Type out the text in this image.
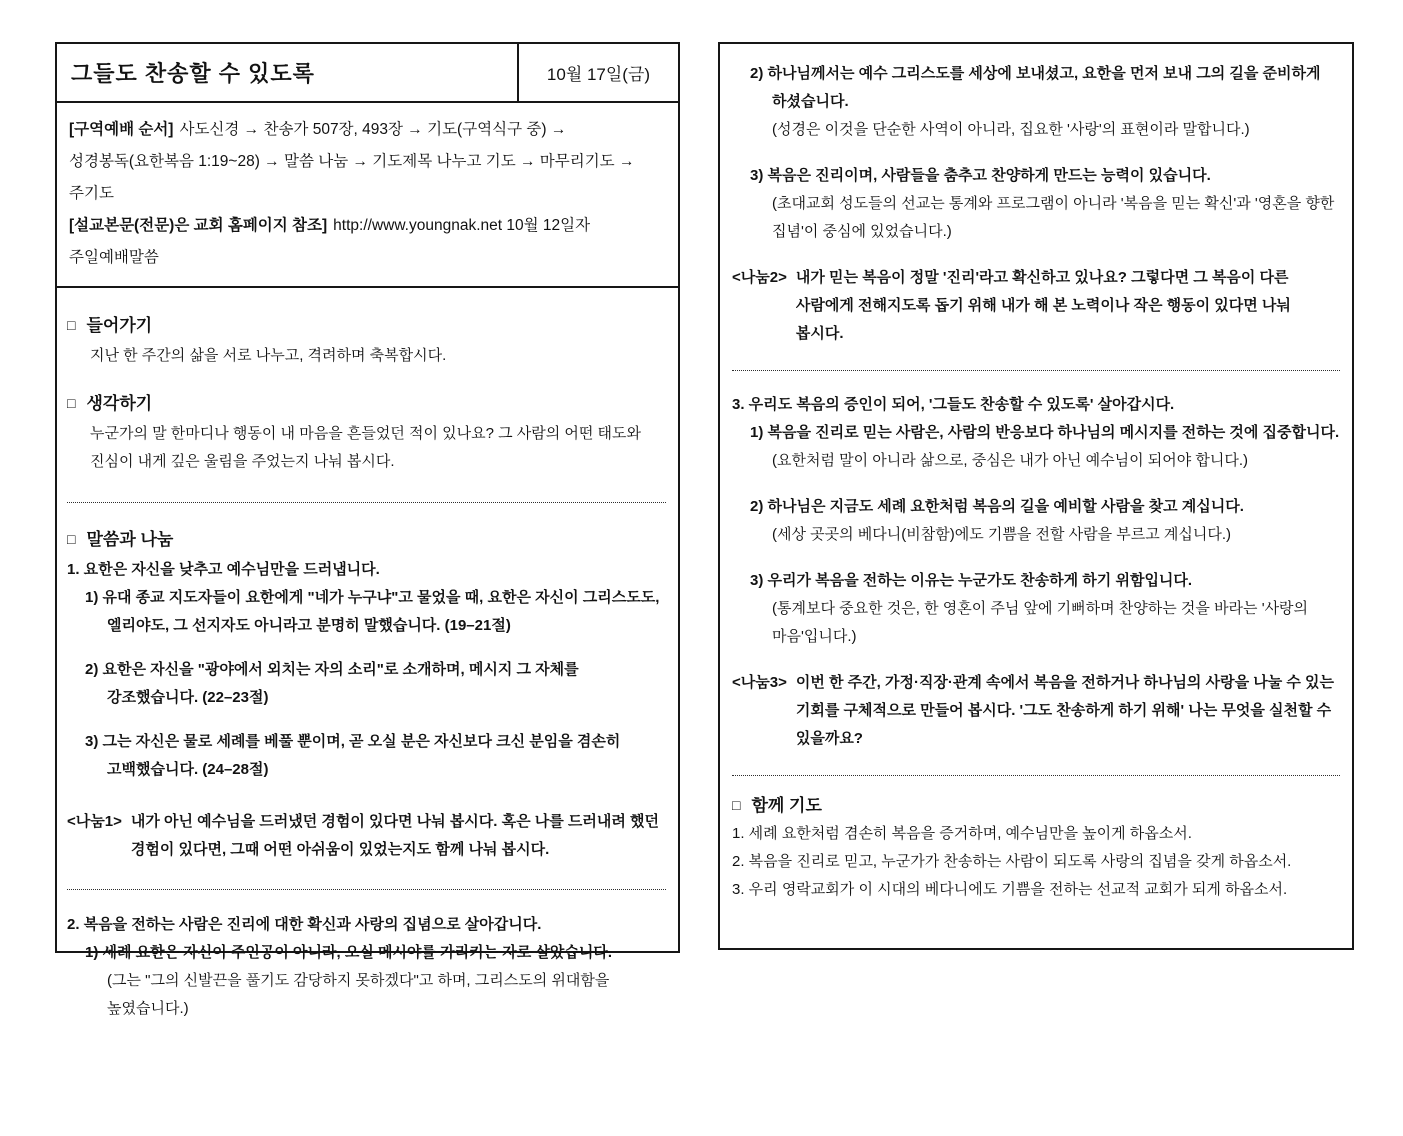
그들도 찬송할 수 있도록	10월 17일(금)
[구역예배 순서] 사도신경 → 찬송가 507장, 493장 → 기도(구역식구 중) →
성경봉독(요한복음 1:19~28) → 말씀 나눔 → 기도제목 나누고 기도 → 마무리기도 → 주기도
[설교본문(전문)은 교회 홈페이지 참조] http://www.youngnak.net 10월 12일자 주일예배말씀
□ 들어가기
지난 한 주간의 삶을 서로 나누고, 격려하며 축복합시다.
□ 생각하기
누군가의 말 한마디나 행동이 내 마음을 흔들었던 적이 있나요? 그 사람의 어떤 태도와 진심이 내게 깊은 울림을 주었는지 나눠 봅시다.
□ 말씀과 나눔
1. 요한은 자신을 낮추고 예수님만을 드러냅니다.
1) 유대 종교 지도자들이 요한에게 "네가 누구냐"고 물었을 때, 요한은 자신이 그리스도도, 엘리야도, 그 선지자도 아니라고 분명히 말했습니다. (19–21절)
2) 요한은 자신을 "광야에서 외치는 자의 소리"로 소개하며, 메시지 그 자체를 강조했습니다. (22–23절)
3) 그는 자신은 물로 세례를 베풀 뿐이며, 곧 오실 분은 자신보다 크신 분임을 겸손히 고백했습니다. (24–28절)
<나눔1> 내가 아닌 예수님을 드러냈던 경험이 있다면 나눠 봅시다. 혹은 나를 드러내려 했던 경험이 있다면, 그때 어떤 아쉬움이 있었는지도 함께 나눠 봅시다.
2. 복음을 전하는 사람은 진리에 대한 확신과 사랑의 집념으로 살아갑니다.
1) 세례 요한은 자신이 주인공이 아니라, 오실 메시야를 가리키는 자로 살았습니다.
(그는 "그의 신발끈을 풀기도 감당하지 못하겠다"고 하며, 그리스도의 위대함을 높였습니다.)
2) 하나님께서는 예수 그리스도를 세상에 보내셨고, 요한을 먼저 보내 그의 길을 준비하게 하셨습니다.
(성경은 이것을 단순한 사역이 아니라, 집요한 '사랑'의 표현이라 말합니다.)
3) 복음은 진리이며, 사람들을 춤추고 찬양하게 만드는 능력이 있습니다.
(초대교회 성도들의 선교는 통계와 프로그램이 아니라 '복음을 믿는 확신'과 '영혼을 향한 집념'이 중심에 있었습니다.)
<나눔2> 내가 믿는 복음이 정말 '진리'라고 확신하고 있나요? 그렇다면 그 복음이 다른 사람에게 전해지도록 돕기 위해 내가 해 본 노력이나 작은 행동이 있다면 나눠 봅시다.
3. 우리도 복음의 증인이 되어, '그들도 찬송할 수 있도록' 살아갑시다.
1) 복음을 진리로 믿는 사람은, 사람의 반응보다 하나님의 메시지를 전하는 것에 집중합니다.
(요한처럼 말이 아니라 삶으로, 중심은 내가 아닌 예수님이 되어야 합니다.)
2) 하나님은 지금도 세례 요한처럼 복음의 길을 예비할 사람을 찾고 계십니다.
(세상 곳곳의 베다니(비참함)에도 기쁨을 전할 사람을 부르고 계십니다.)
3) 우리가 복음을 전하는 이유는 누군가도 찬송하게 하기 위함입니다.
(통계보다 중요한 것은, 한 영혼이 주님 앞에 기뻐하며 찬양하는 것을 바라는 '사랑의 마음'입니다.)
<나눔3> 이번 한 주간, 가정·직장·관계 속에서 복음을 전하거나 하나님의 사랑을 나눌 수 있는 기회를 구체적으로 만들어 봅시다. '그도 찬송하게 하기 위해' 나는 무엇을 실천할 수 있을까요?
□ 함께 기도
1. 세례 요한처럼 겸손히 복음을 증거하며, 예수님만을 높이게 하옵소서.
2. 복음을 진리로 믿고, 누군가가 찬송하는 사람이 되도록 사랑의 집념을 갖게 하옵소서.
3. 우리 영락교회가 이 시대의 베다니에도 기쁨을 전하는 선교적 교회가 되게 하옵소서.
